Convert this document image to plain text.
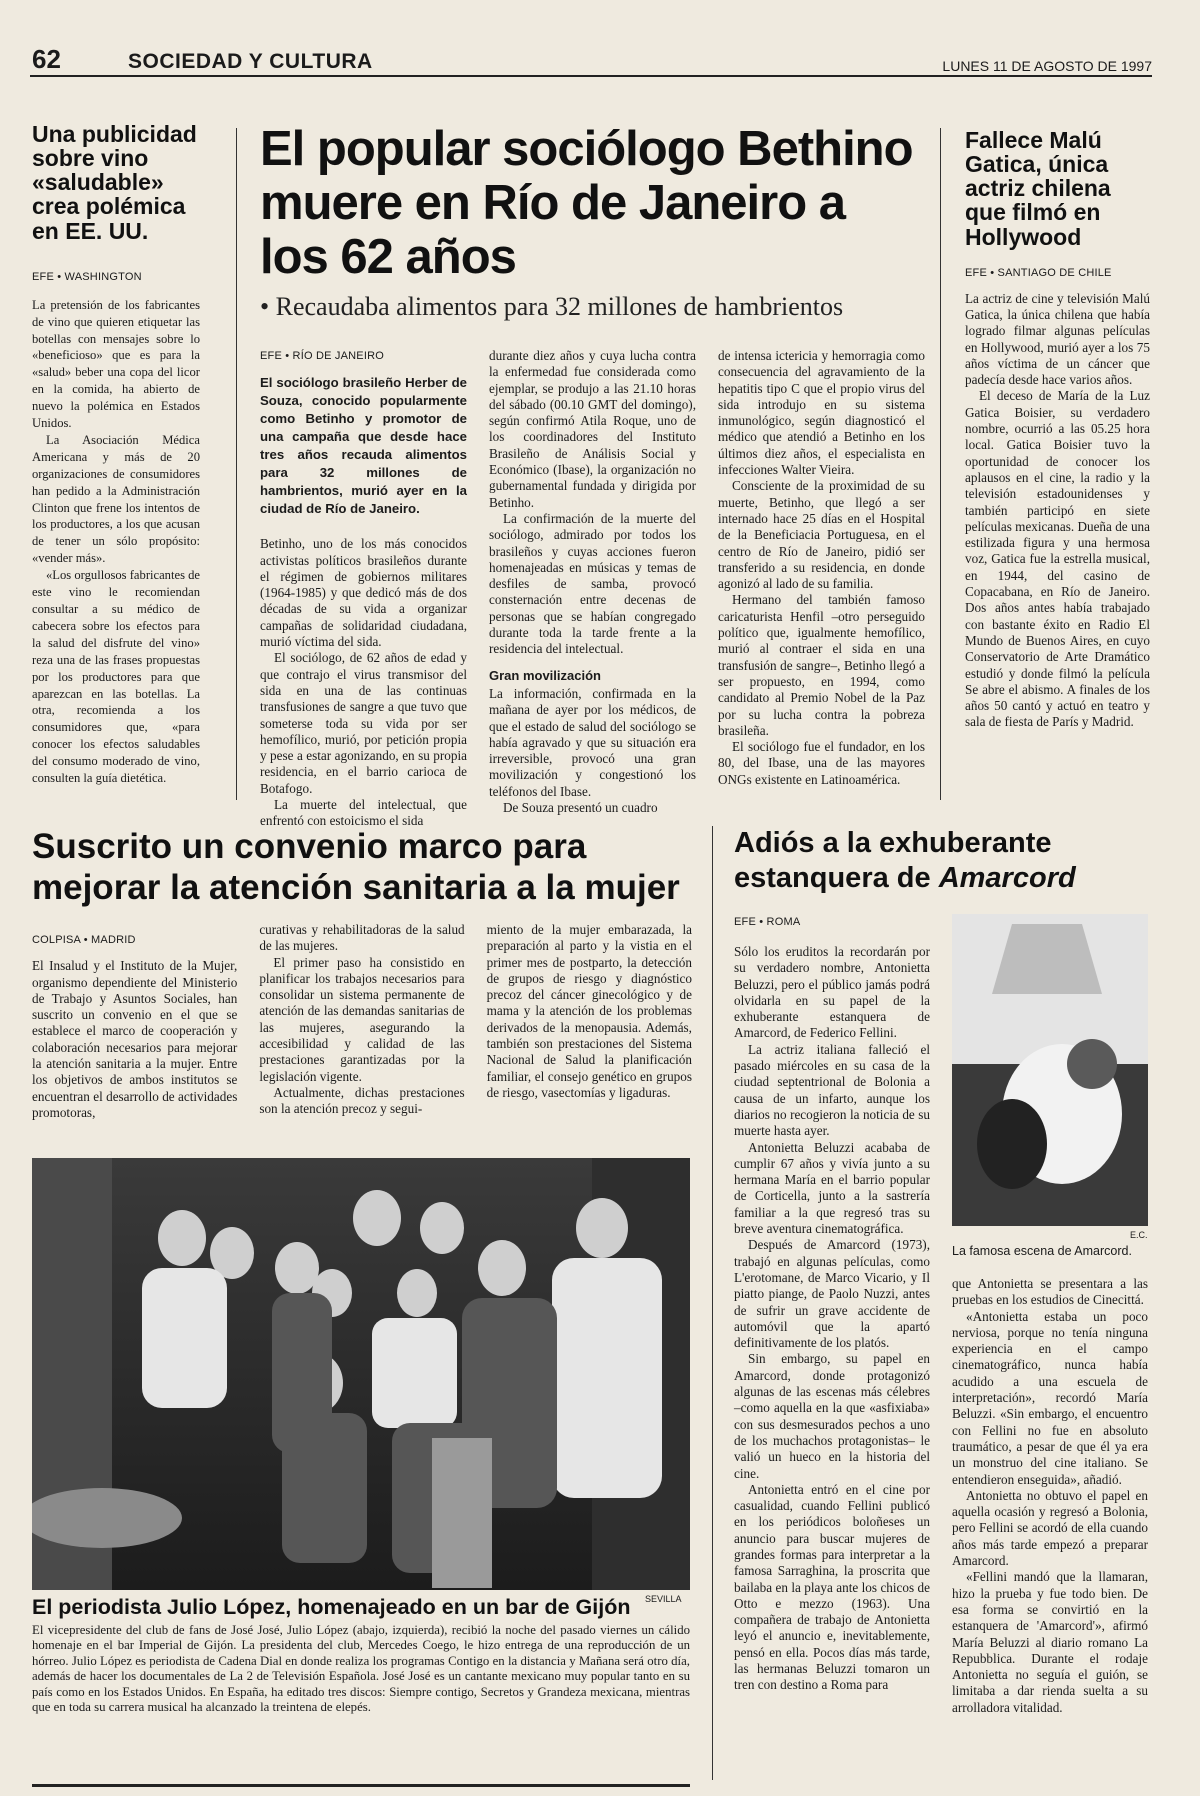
62	SOCIEDAD Y CULTURA	LUNES 11 DE AGOSTO DE 1997
Una publicidad sobre vino «saludable» crea polémica en EE. UU.
EFE • WASHINGTON

La pretensión de los fabricantes de vino que quieren etiquetar las botellas con mensajes sobre lo «beneficioso» que es para la «salud» beber una copa del licor en la comida, ha abierto de nuevo la polémica en Estados Unidos.

La Asociación Médica Americana y más de 20 organizaciones de consumidores han pedido a la Administración Clinton que frene los intentos de los productores, a los que acusan de tener un sólo propósito: «vender más».

«Los orgullosos fabricantes de este vino le recomiendan consultar a su médico de cabecera sobre los efectos para la salud del disfrute del vino» reza una de las frases propuestas por los productores para que aparezcan en las botellas. La otra, recomienda a los consumidores que, «para conocer los efectos saludables del consumo moderado de vino, consulten la guía dietética.

El popular sociólogo Bethino muere en Río de Janeiro a los 62 años
• Recaudaba alimentos para 32 millones de hambrientos
EFE • RÍO DE JANEIRO
El sociólogo brasileño Herber de Souza, conocido popularmente como Betinho y promotor de una campaña que desde hace tres años recauda alimentos para 32 millones de hambrientos, murió ayer en la ciudad de Río de Janeiro.

Betinho, uno de los más conocidos activistas políticos brasileños durante el régimen de gobiernos militares (1964-1985) y que dedicó más de dos décadas de su vida a organizar campañas de solidaridad ciudadana, murió víctima del sida.

El sociólogo, de 62 años de edad y que contrajo el virus transmisor del sida en una de las continuas transfusiones de sangre a que tuvo que someterse toda su vida por ser hemofílico, murió, por petición propia y pese a estar agonizando, en su propia residencia, en el barrio carioca de Botafogo.

La muerte del intelectual, que enfrentó con estoicismo el sida

durante diez años y cuya lucha contra la enfermedad fue considerada como ejemplar, se produjo a las 21.10 horas del sábado (00.10 GMT del domingo), según confirmó Atila Roque, uno de los coordinadores del Instituto Brasileño de Análisis Social y Económico (Ibase), la organización no gubernamental fundada y dirigida por Betinho.

La confirmación de la muerte del sociólogo, admirado por todos los brasileños y cuyas acciones fueron homenajeadas en músicas y temas de desfiles de samba, provocó consternación entre decenas de personas que se habían congregado durante toda la tarde frente a la residencia del intelectual.

Gran movilización

La información, confirmada en la mañana de ayer por los médicos, de que el estado de salud del sociólogo se había agravado y que su situación era irreversible, provocó una gran movilización y congestionó los teléfonos del Ibase.

De Souza presentó un cuadro

de intensa ictericia y hemorragia como consecuencia del agravamiento de la hepatitis tipo C que el propio virus del sida introdujo en su sistema inmunológico, según diagnosticó el médico que atendió a Betinho en los últimos diez años, el especialista en infecciones Walter Vieira.

Consciente de la proximidad de su muerte, Betinho, que llegó a ser internado hace 25 días en el Hospital de la Beneficiacia Portuguesa, en el centro de Río de Janeiro, pidió ser transferido a su residencia, en donde agonizó al lado de su familia.

Hermano del también famoso caricaturista Henfil –otro perseguido político que, igualmente hemofílico, murió al contraer el sida en una transfusión de sangre–, Betinho llegó a ser propuesto, en 1994, como candidato al Premio Nobel de la Paz por su lucha contra la pobreza brasileña.

El sociólogo fue el fundador, en los 80, del Ibase, una de las mayores ONGs existente en Latinoamérica.

Fallece Malú Gatica, única actriz chilena que filmó en Hollywood
EFE • SANTIAGO DE CHILE

La actriz de cine y televisión Malú Gatica, la única chilena que había logrado filmar algunas películas en Hollywood, murió ayer a los 75 años víctima de un cáncer que padecía desde hace varios años.

El deceso de María de la Luz Gatica Boisier, su verdadero nombre, ocurrió a las 05.25 hora local. Gatica Boisier tuvo la oportunidad de conocer los aplausos en el cine, la radio y la televisión estadounidenses y también participó en siete películas mexicanas. Dueña de una estilizada figura y una hermosa voz, Gatica fue la estrella musical, en 1944, del casino de Copacabana, en Río de Janeiro. Dos años antes había trabajado con bastante éxito en Radio El Mundo de Buenos Aires, en cuyo Conservatorio de Arte Dramático estudió y donde filmó la película Se abre el abismo. A finales de los años 50 cantó y actuó en teatro y sala de fiesta de París y Madrid.

Suscrito un convenio marco para mejorar la atención sanitaria a la mujer
COLPISA • MADRID

El Insalud y el Instituto de la Mujer, organismo dependiente del Ministerio de Trabajo y Asuntos Sociales, han suscrito un convenio en el que se establece el marco de cooperación y colaboración necesarios para mejorar la atención sanitaria a la mujer. Entre los objetivos de ambos institutos se encuentran el desarrollo de actividades promotoras,

curativas y rehabilitadoras de la salud de las mujeres.

El primer paso ha consistido en planificar los trabajos necesarios para consolidar un sistema permanente de atención de las demandas sanitarias de las mujeres, asegurando la accesibilidad y calidad de las prestaciones garantizadas por la legislación vigente.

Actualmente, dichas prestaciones son la atención precoz y segui-

miento de la mujer embarazada, la preparación al parto y la vistia en el primer mes de postparto, la detección de grupos de riesgo y diagnóstico precoz del cáncer ginecológico y de mama y la atención de los problemas derivados de la menopausia. Además, también son prestaciones del Sistema Nacional de Salud la planificación familiar, el consejo genético en grupos de riesgo, vasectomías y ligaduras.

SEVILLA
El periodista Julio López, homenajeado en un bar de Gijón
El vicepresidente del club de fans de José José, Julio López (abajo, izquierda), recibió la noche del pasado viernes un cálido homenaje en el bar Imperial de Gijón. La presidenta del club, Mercedes Coego, le hizo entrega de una reproducción de un hórreo. Julio López es periodista de Cadena Dial en donde realiza los programas Contigo en la distancia y Mañana será otro día, además de hacer los documentales de La 2 de Televisión Española. José José es un cantante mexicano muy popular tanto en su país como en los Estados Unidos. En España, ha editado tres discos: Siempre contigo, Secretos y Grandeza mexicana, mientras que en toda su carrera musical ha alcanzado la treintena de elepés.
Adiós a la exhuberante estanquera de Amarcord
EFE • ROMA

Sólo los eruditos la recordarán por su verdadero nombre, Antonietta Beluzzi, pero el público jamás podrá olvidarla en su papel de la exhuberante estanquera de Amarcord, de Federico Fellini.

La actriz italiana falleció el pasado miércoles en su casa de la ciudad septentrional de Bolonia a causa de un infarto, aunque los diarios no recogieron la noticia de su muerte hasta ayer.

Antonietta Beluzzi acababa de cumplir 67 años y vivía junto a su hermana María en el barrio popular de Corticella, junto a la sastrería familiar a la que regresó tras su breve aventura cinematográfica.

Después de Amarcord (1973), trabajó en algunas películas, como L'erotomane, de Marco Vicario, y Il piatto piange, de Paolo Nuzzi, antes de sufrir un grave accidente de automóvil que la apartó definitivamente de los platós.

Sin embargo, su papel en Amarcord, donde protagonizó algunas de las escenas más célebres –como aquella en la que «asfixiaba» con sus desmesurados pechos a uno de los muchachos protagonistas– le valió un hueco en la historia del cine.

Antonietta entró en el cine por casualidad, cuando Fellini publicó en los periódicos boloñeses un anuncio para buscar mujeres de grandes formas para interpretar a la famosa Sarraghina, la proscrita que bailaba en la playa ante los chicos de Otto e mezzo (1963). Una compañera de trabajo de Antonietta leyó el anuncio e, inevitablemente, pensó en ella. Pocos días más tarde, las hermanas Beluzzi tomaron un tren con destino a Roma para

E.C.
La famosa escena de Amarcord.

que Antonietta se presentara a las pruebas en los estudios de Cinecittá.

«Antonietta estaba un poco nerviosa, porque no tenía ninguna experiencia en el campo cinematográfico, nunca había acudido a una escuela de interpretación», recordó María Beluzzi. «Sin embargo, el encuentro con Fellini no fue en absoluto traumático, a pesar de que él ya era un monstruo del cine italiano. Se entendieron enseguida», añadió.

Antonietta no obtuvo el papel en aquella ocasión y regresó a Bolonia, pero Fellini se acordó de ella cuando años más tarde empezó a preparar Amarcord.

«Fellini mandó que la llamaran, hizo la prueba y fue todo bien. De esa forma se convirtió en la estanquera de 'Amarcord'», afirmó María Beluzzi al diario romano La Repubblica. Durante el rodaje Antonietta no seguía el guión, se limitaba a dar rienda suelta a su arrolladora vitalidad.
